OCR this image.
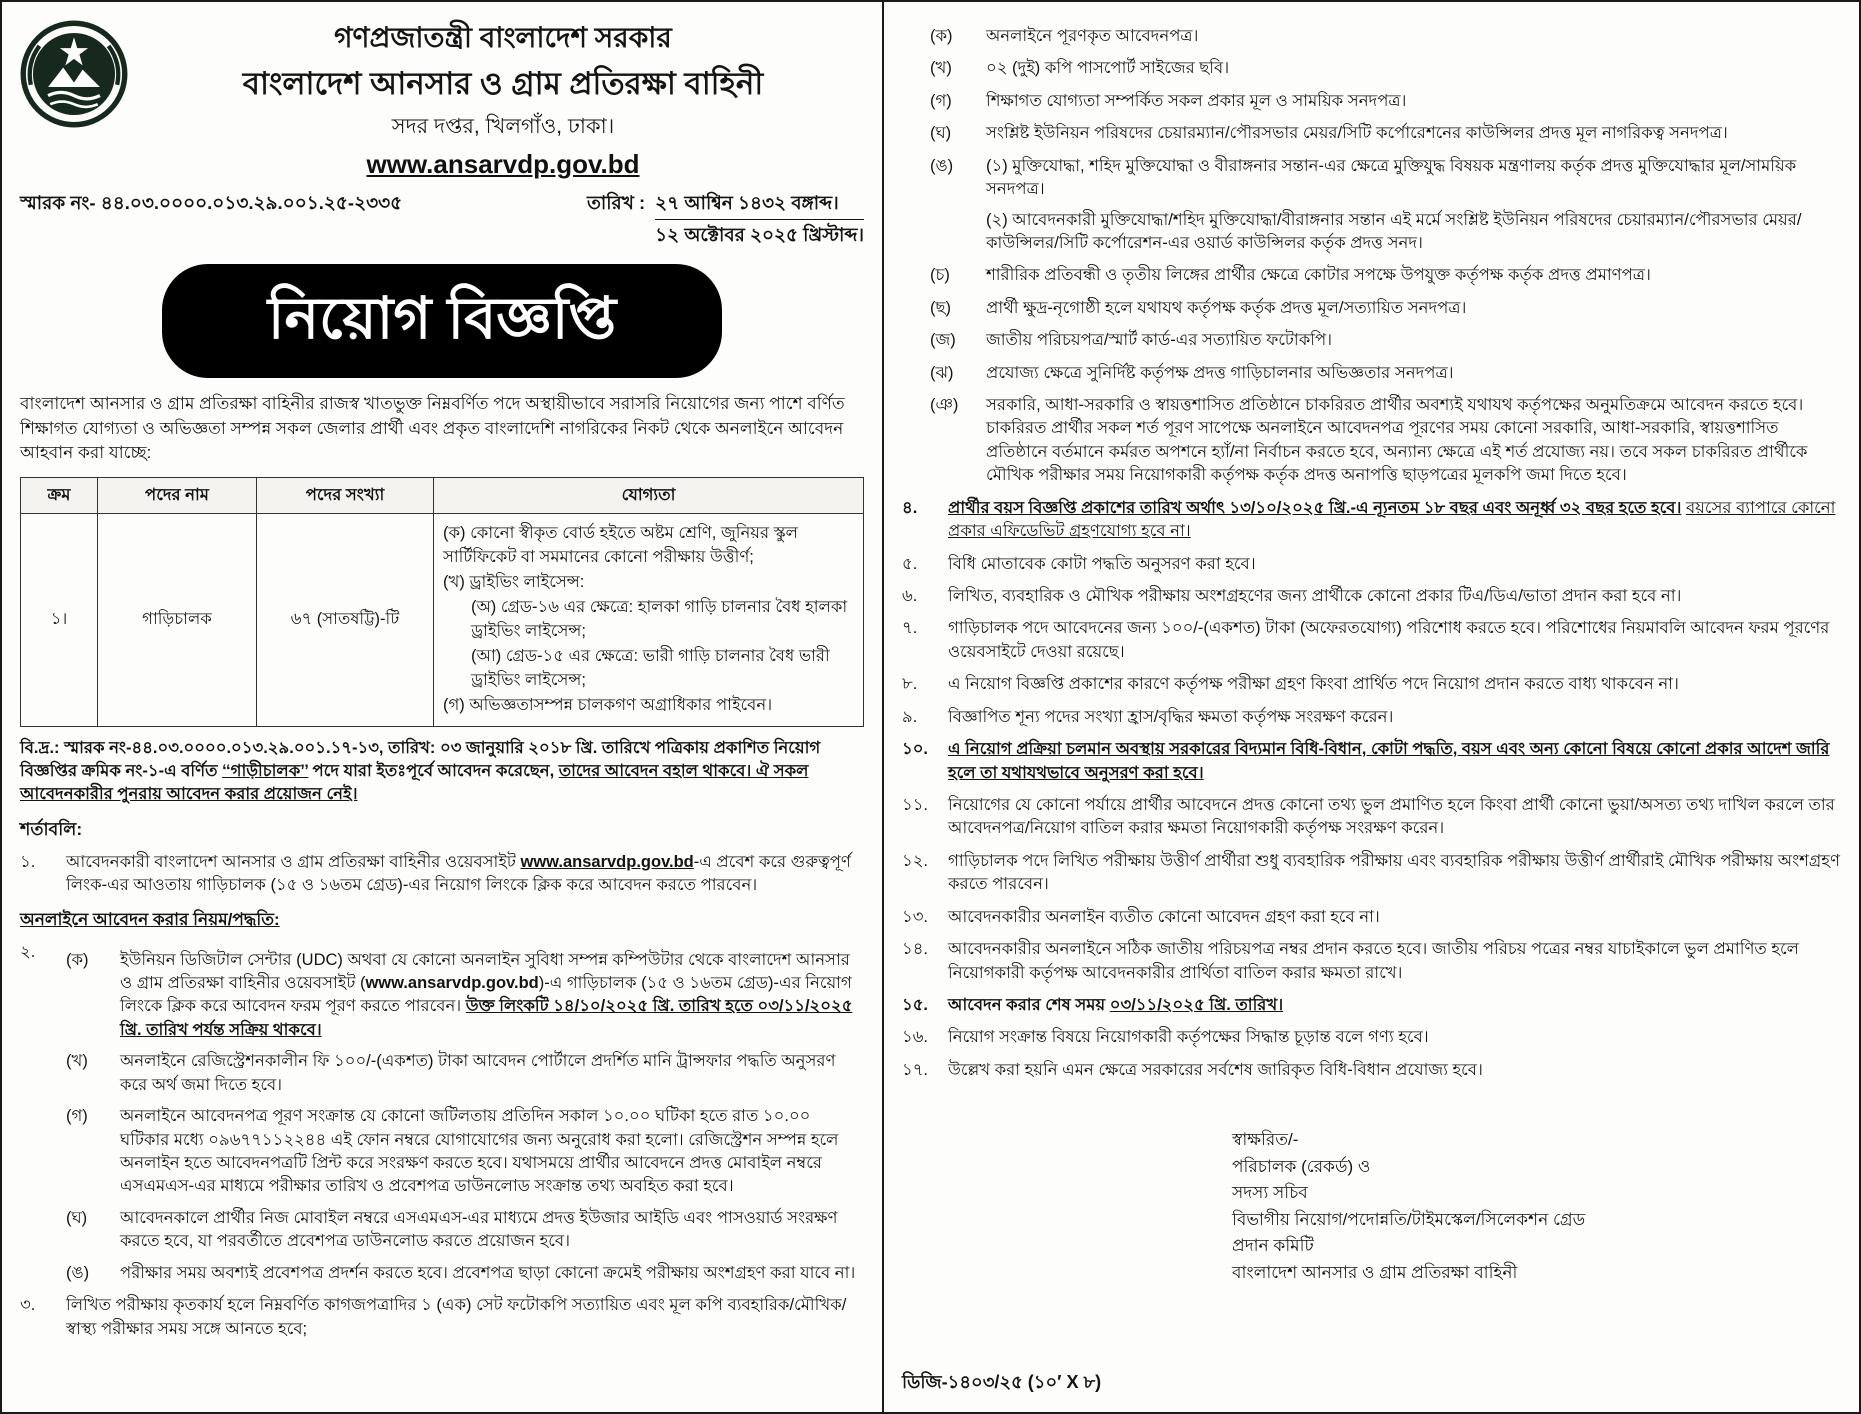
গণপ্রজাতন্ত্রী বাংলাদেশ সরকার
বাংলাদেশ আনসার ও গ্রাম প্রতিরক্ষা বাহিনী
সদর দপ্তর, খিলগাঁও, ঢাকা।
www.ansarvdp.gov.bd
স্মারক নং- ৪৪.০৩.০০০০.০১৩.২৯.০০১.২৫-২৩৩৫	তারিখ : ২৭ আশ্বিন ১৪৩২ বঙ্গাব্দ।
১২ অক্টোবর ২০২৫ খ্রিস্টাব্দ।
নিয়োগ বিজ্ঞপ্তি

বাংলাদেশ আনসার ও গ্রাম প্রতিরক্ষা বাহিনীর রাজস্ব খাতভুক্ত নিম্নবর্ণিত পদে অস্থায়ীভাবে সরাসরি নিয়োগের জন্য পাশে বর্ণিত শিক্ষাগত যোগ্যতা ও অভিজ্ঞতা সম্পন্ন সকল জেলার প্রার্থী এবং প্রকৃত বাংলাদেশি নাগরিকের নিকট থেকে অনলাইনে আবেদন আহবান করা যাচ্ছে:

ক্রম	পদের নাম	পদের সংখ্যা	যোগ্যতা
১।	গাড়িচালক	৬৭ (সাতষট্টি)-টি	(ক) কোনো স্বীকৃত বোর্ড হইতে অষ্টম শ্রেণি, জুনিয়র স্কুল সার্টিফিকেট বা সমমানের কোনো পরীক্ষায় উত্তীর্ণ;
(খ) ড্রাইভিং লাইসেন্স:
(অ) গ্রেড-১৬ এর ক্ষেত্রে: হালকা গাড়ি চালনার বৈধ হালকা ড্রাইভিং লাইসেন্স;
(আ) গ্রেড-১৫ এর ক্ষেত্রে: ভারী গাড়ি চালনার বৈধ ভারী ড্রাইভিং লাইসেন্স;
(গ) অভিজ্ঞতাসম্পন্ন চালকগণ অগ্রাধিকার পাইবেন।

বি.দ্র.: স্মারক নং-৪৪.০৩.০০০০.০১৩.২৯.০০১.১৭-১৩, তারিখ: ০৩ জানুয়ারি ২০১৮ খ্রি. তারিখে পত্রিকায় প্রকাশিত নিয়োগ বিজ্ঞপ্তির ক্রমিক নং-১-এ বর্ণিত ‘‘গাড়ীচালক’’ পদে যারা ইতঃপূর্বে আবেদন করেছেন, তাদের আবেদন বহাল থাকবে। ঐ সকল আবেদনকারীর পুনরায় আবেদন করার প্রয়োজন নেই।

শর্তাবলি:
১.	আবেদনকারী বাংলাদেশ আনসার ও গ্রাম প্রতিরক্ষা বাহিনীর ওয়েবসাইট www.ansarvdp.gov.bd-এ প্রবেশ করে গুরুত্বপূর্ণ লিংক-এর আওতায় গাড়িচালক (১৫ ও ১৬তম গ্রেড)-এর নিয়োগ লিংকে ক্লিক করে আবেদন করতে পারবেন।
অনলাইনে আবেদন করার নিয়ম/পদ্ধতি:
২.	(ক)	ইউনিয়ন ডিজিটাল সেন্টার (UDC) অথবা যে কোনো অনলাইন সুবিধা সম্পন্ন কম্পিউটার থেকে বাংলাদেশ আনসার ও গ্রাম প্রতিরক্ষা বাহিনীর ওয়েবসাইট (www.ansarvdp.gov.bd)-এ গাড়িচালক (১৫ ও ১৬তম গ্রেড)-এর নিয়োগ লিংকে ক্লিক করে আবেদন ফরম পূরণ করতে পারবেন। উক্ত লিংকটি ১৪/১০/২০২৫ খ্রি. তারিখ হতে ০৩/১১/২০২৫ খ্রি. তারিখ পর্যন্ত সক্রিয় থাকবে।
(খ)	অনলাইনে রেজিস্ট্রেশনকালীন ফি ১০০/-(একশত) টাকা আবেদন পোর্টালে প্রদর্শিত মানি ট্রান্সফার পদ্ধতি অনুসরণ করে অর্থ জমা দিতে হবে।
(গ)	অনলাইনে আবেদনপত্র পূরণ সংক্রান্ত যে কোনো জটিলতায় প্রতিদিন সকাল ১০.০০ ঘটিকা হতে রাত ১০.০০ ঘটিকার মধ্যে ০৯৬৭৭১১২২৪৪ এই ফোন নম্বরে যোগাযোগের জন্য অনুরোধ করা হলো। রেজিস্ট্রেশন সম্পন্ন হলে অনলাইন হতে আবেদনপত্রটি প্রিন্ট করে সংরক্ষণ করতে হবে। যথাসময়ে প্রার্থীর আবেদনে প্রদত্ত মোবাইল নম্বরে এসএমএস-এর মাধ্যমে পরীক্ষার তারিখ ও প্রবেশপত্র ডাউনলোড সংক্রান্ত তথ্য অবহিত করা হবে।
(ঘ)	আবেদনকালে প্রার্থীর নিজ মোবাইল নম্বরে এসএমএস-এর মাধ্যমে প্রদত্ত ইউজার আইডি এবং পাসওয়ার্ড সংরক্ষণ করতে হবে, যা পরবর্তীতে প্রবেশপত্র ডাউনলোড করতে প্রয়োজন হবে।
(ঙ)	পরীক্ষার সময় অবশ্যই প্রবেশপত্র প্রদর্শন করতে হবে। প্রবেশপত্র ছাড়া কোনো ক্রমেই পরীক্ষায় অংশগ্রহণ করা যাবে না।
৩.	লিখিত পরীক্ষায় কৃতকার্য হলে নিম্নবর্ণিত কাগজপত্রাদির ১ (এক) সেট ফটোকপি সত্যায়িত এবং মূল কপি ব্যবহারিক/মৌখিক/স্বাস্থ্য পরীক্ষার সময় সঙ্গে আনতে হবে;
(ক)	অনলাইনে পূরণকৃত আবেদনপত্র।
(খ)	০২ (দুই) কপি পাসপোর্ট সাইজের ছবি।
(গ)	শিক্ষাগত যোগ্যতা সম্পর্কিত সকল প্রকার মূল ও সাময়িক সনদপত্র।
(ঘ)	সংশ্লিষ্ট ইউনিয়ন পরিষদের চেয়ারম্যান/পৌরসভার মেয়র/সিটি কর্পোরেশনের কাউন্সিলর প্রদত্ত মূল নাগরিকত্ব সনদপত্র।
(ঙ)	(১) মুক্তিযোদ্ধা, শহিদ মুক্তিযোদ্ধা ও বীরাঙ্গনার সন্তান-এর ক্ষেত্রে মুক্তিযুদ্ধ বিষয়ক মন্ত্রণালয় কর্তৃক প্রদত্ত মুক্তিযোদ্ধার মূল/সাময়িক সনদপত্র।
(২) আবেদনকারী মুক্তিযোদ্ধা/শহিদ মুক্তিযোদ্ধা/বীরাঙ্গনার সন্তান এই মর্মে সংশ্লিষ্ট ইউনিয়ন পরিষদের চেয়ারম্যান/পৌরসভার মেয়র/কাউন্সিলর/সিটি কর্পোরেশন-এর ওয়ার্ড কাউন্সিলর কর্তৃক প্রদত্ত সনদ।
(চ)	শারীরিক প্রতিবন্ধী ও তৃতীয় লিঙ্গের প্রার্থীর ক্ষেত্রে কোটার সপক্ষে উপযুক্ত কর্তৃপক্ষ কর্তৃক প্রদত্ত প্রমাণপত্র।
(ছ)	প্রার্থী ক্ষুদ্র-নৃগোষ্ঠী হলে যথাযথ কর্তৃপক্ষ কর্তৃক প্রদত্ত মূল/সত্যায়িত সনদপত্র।
(জ)	জাতীয় পরিচয়পত্র/স্মার্ট কার্ড-এর সত্যায়িত ফটোকপি।
(ঝ)	প্রযোজ্য ক্ষেত্রে সুনির্দিষ্ট কর্তৃপক্ষ প্রদত্ত গাড়িচালনার অভিজ্ঞতার সনদপত্র।
(ঞ)	সরকারি, আধা-সরকারি ও স্বায়ত্তশাসিত প্রতিষ্ঠানে চাকরিরত প্রার্থীর অবশ্যই যথাযথ কর্তৃপক্ষের অনুমতিক্রমে আবেদন করতে হবে। চাকরিরত প্রার্থীর সকল শর্ত পূরণ সাপেক্ষে অনলাইনে আবেদনপত্র পূরণের সময় কোনো সরকারি, আধা-সরকারি, স্বায়ত্তশাসিত প্রতিষ্ঠানে বর্তমানে কর্মরত অপশনে হ্যাঁ/না নির্বাচন করতে হবে, অন্যান্য ক্ষেত্রে এই শর্ত প্রযোজ্য নয়। তবে সকল চাকরিরত প্রার্থীকে মৌখিক পরীক্ষার সময় নিয়োগকারী কর্তৃপক্ষ কর্তৃক প্রদত্ত অনাপত্তি ছাড়পত্রের মূলকপি জমা দিতে হবে।
৪.	প্রার্থীর বয়স বিজ্ঞপ্তি প্রকাশের তারিখ অর্থাৎ ১৩/১০/২০২৫ খ্রি.-এ ন্যূনতম ১৮ বছর এবং অনূর্ধ্ব ৩২ বছর হতে হবে। বয়সের ব্যাপারে কোনো প্রকার এফিডেভিট গ্রহণযোগ্য হবে না।
৫.	বিধি মোতাবেক কোটা পদ্ধতি অনুসরণ করা হবে।
৬.	লিখিত, ব্যবহারিক ও মৌখিক পরীক্ষায় অংশগ্রহণের জন্য প্রার্থীকে কোনো প্রকার টিএ/ডিএ/ভাতা প্রদান করা হবে না।
৭.	গাড়িচালক পদে আবেদনের জন্য ১০০/-(একশত) টাকা (অফেরতযোগ্য) পরিশোধ করতে হবে। পরিশোধের নিয়মাবলি আবেদন ফরম পূরণের ওয়েবসাইটে দেওয়া রয়েছে।
৮.	এ নিয়োগ বিজ্ঞপ্তি প্রকাশের কারণে কর্তৃপক্ষ পরীক্ষা গ্রহণ কিংবা প্রার্থিত পদে নিয়োগ প্রদান করতে বাধ্য থাকবেন না।
৯.	বিজ্ঞাপিত শূন্য পদের সংখ্যা হ্রাস/বৃদ্ধির ক্ষমতা কর্তৃপক্ষ সংরক্ষণ করেন।
১০.	এ নিয়োগ প্রক্রিয়া চলমান অবস্থায় সরকারের বিদ্যমান বিধি-বিধান, কোটা পদ্ধতি, বয়স এবং অন্য কোনো বিষয়ে কোনো প্রকার আদেশ জারি হলে তা যথাযথভাবে অনুসরণ করা হবে।
১১.	নিয়োগের যে কোনো পর্যায়ে প্রার্থীর আবেদনে প্রদত্ত কোনো তথ্য ভুল প্রমাণিত হলে কিংবা প্রার্থী কোনো ভুয়া/অসত্য তথ্য দাখিল করলে তার আবেদনপত্র/নিয়োগ বাতিল করার ক্ষমতা নিয়োগকারী কর্তৃপক্ষ সংরক্ষণ করেন।
১২.	গাড়িচালক পদে লিখিত পরীক্ষায় উত্তীর্ণ প্রার্থীরা শুধু ব্যবহারিক পরীক্ষায় এবং ব্যবহারিক পরীক্ষায় উত্তীর্ণ প্রার্থীরাই মৌখিক পরীক্ষায় অংশগ্রহণ করতে পারবেন।
১৩.	আবেদনকারীর অনলাইন ব্যতীত কোনো আবেদন গ্রহণ করা হবে না।
১৪.	আবেদনকারীর অনলাইনে সঠিক জাতীয় পরিচয়পত্র নম্বর প্রদান করতে হবে। জাতীয় পরিচয় পত্রের নম্বর যাচাইকালে ভুল প্রমাণিত হলে নিয়োগকারী কর্তৃপক্ষ আবেদনকারীর প্রার্থিতা বাতিল করার ক্ষমতা রাখে।
১৫.	আবেদন করার শেষ সময় ০৩/১১/২০২৫ খ্রি. তারিখ।
১৬.	নিয়োগ সংক্রান্ত বিষয়ে নিয়োগকারী কর্তৃপক্ষের সিদ্ধান্ত চূড়ান্ত বলে গণ্য হবে।
১৭.	উল্লেখ করা হয়নি এমন ক্ষেত্রে সরকারের সর্বশেষ জারিকৃত বিধি-বিধান প্রযোজ্য হবে।
স্বাক্ষরিত/-
পরিচালক (রেকর্ড) ও
সদস্য সচিব
বিভাগীয় নিয়োগ/পদোন্নতি/টাইমস্কেল/সিলেকশন গ্রেড
প্রদান কমিটি
বাংলাদেশ আনসার ও গ্রাম প্রতিরক্ষা বাহিনী
ডিজি-১৪০৩/২৫ (১০′ X ৮)
